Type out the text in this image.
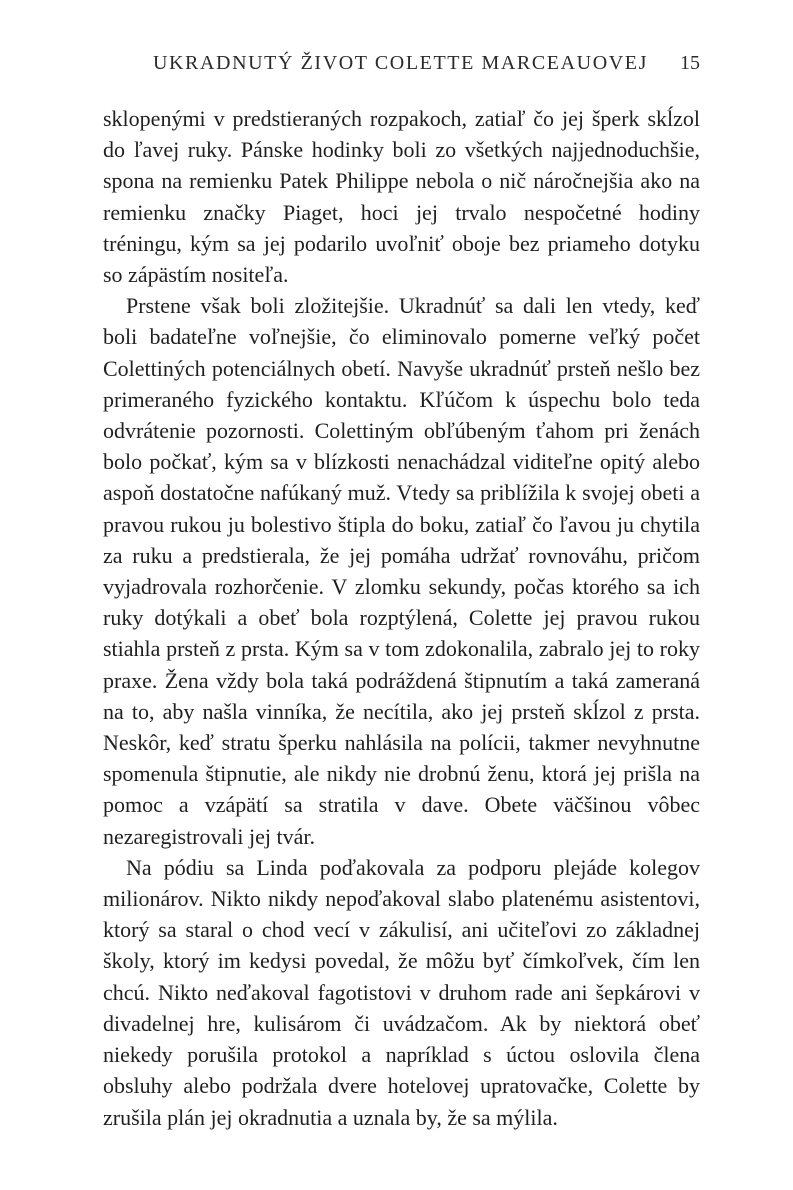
UKRADNUTÝ ŽIVOT COLETTE MARCEAUOVEJ 15

sklopenými v predstieraných rozpakoch, zatiaľ čo jej šperk skĺzol do ľavej ruky. Pánske hodinky boli zo všetkých najjednoduchšie, spona na remienku Patek Philippe nebola o nič náročnejšia ako na remienku značky Piaget, hoci jej trvalo nespočetné hodiny tréningu, kým sa jej podarilo uvoľniť oboje bez priameho dotyku so zápästím nositeľa.

Prstene však boli zložitejšie. Ukradnúť sa dali len vtedy, keď boli badateľne voľnejšie, čo eliminovalo pomerne veľký počet Colettiných potenciálnych obetí. Navyše ukradnúť prsteň nešlo bez primeraného fyzického kontaktu. Kľúčom k úspechu bolo teda odvrátenie pozornosti. Colettiným obľúbeným ťahom pri ženách bolo počkať, kým sa v blízkosti nenachádzal viditeľne opitý alebo aspoň dostatočne nafúkaný muž. Vtedy sa priblížila k svojej obeti a pravou rukou ju bolestivo štipla do boku, zatiaľ čo ľavou ju chytila za ruku a predstierala, že jej pomáha udržať rovnováhu, pričom vyjadrovala rozhorčenie. V zlomku sekundy, počas ktorého sa ich ruky dotýkali a obeť bola rozptýlená, Colette jej pravou rukou stiahla prsteň z prsta. Kým sa v tom zdokonalila, zabralo jej to roky praxe. Žena vždy bola taká podráždená štipnutím a taká zameraná na to, aby našla vinníka, že necítila, ako jej prsteň skĺzol z prsta. Neskôr, keď stratu šperku nahlásila na polícii, takmer nevyhnutne spomenula štipnutie, ale nikdy nie drobnú ženu, ktorá jej prišla na pomoc a vzápätí sa stratila v dave. Obete väčšinou vôbec nezaregistrovali jej tvár.

Na pódiu sa Linda poďakovala za podporu plejáde kolegov milionárov. Nikto nikdy nepoďakoval slabo platenému asistentovi, ktorý sa staral o chod vecí v zákulisí, ani učiteľovi zo základnej školy, ktorý im kedysi povedal, že môžu byť čímkoľvek, čím len chcú. Nikto neďakoval fagotistovi v druhom rade ani šepkárovi v divadelnej hre, kulisárom či uvádzačom. Ak by niektorá obeť niekedy porušila protokol a napríklad s úctou oslovila člena obsluhy alebo podržala dvere hotelovej upratovačke, Colette by zrušila plán jej okradnutia a uznala by, že sa mýlila.
